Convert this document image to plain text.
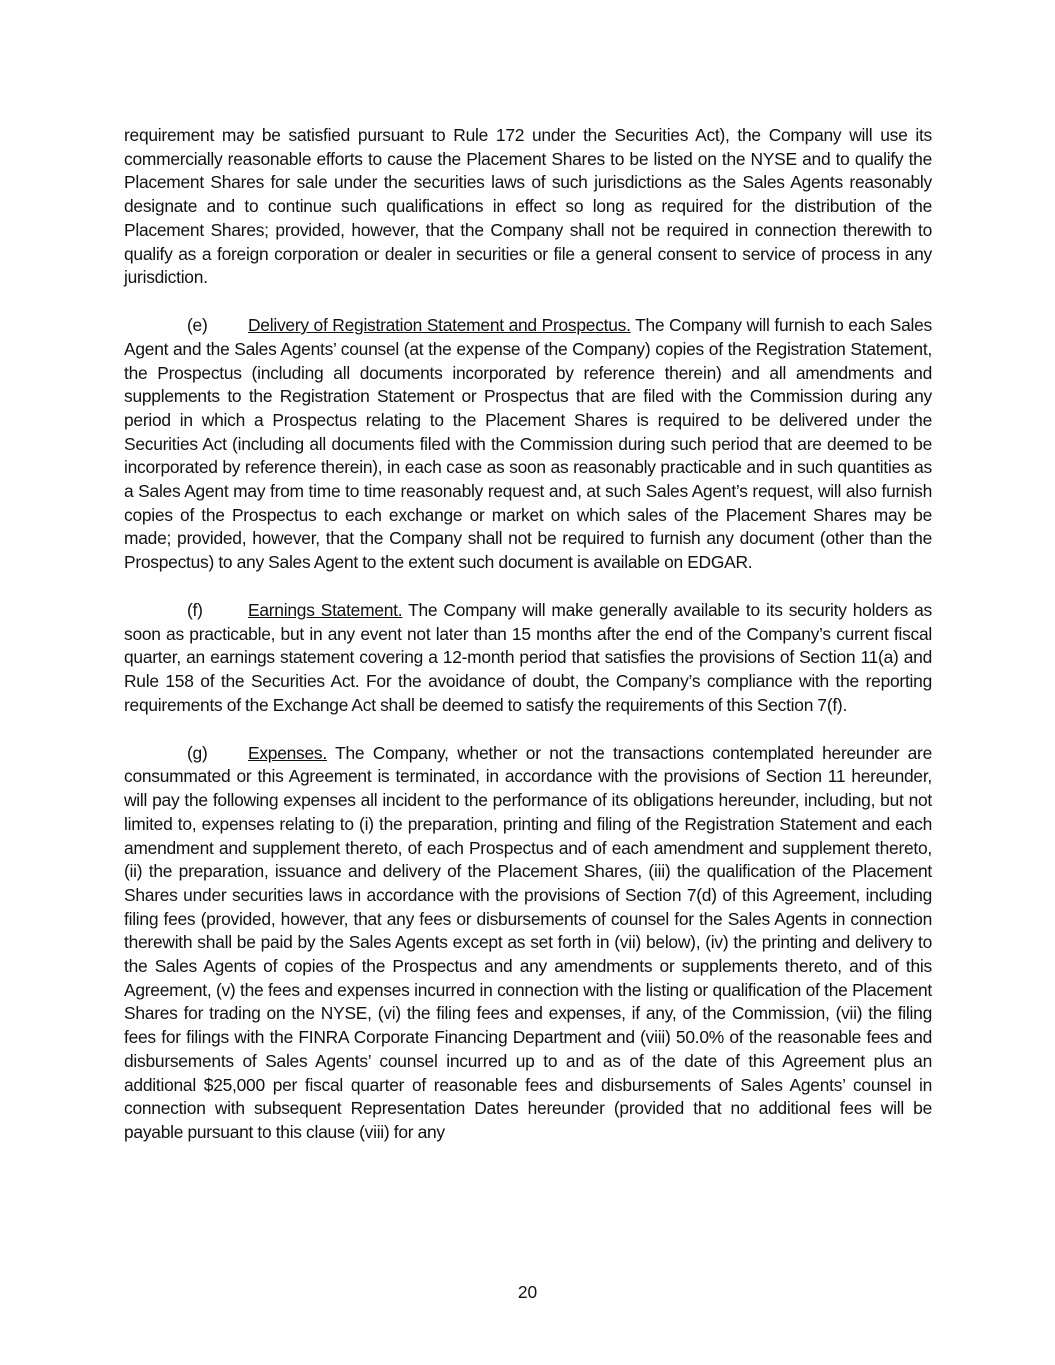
requirement may be satisfied pursuant to Rule 172 under the Securities Act), the Company will use its commercially reasonable efforts to cause the Placement Shares to be listed on the NYSE and to qualify the Placement Shares for sale under the securities laws of such jurisdictions as the Sales Agents reasonably designate and to continue such qualifications in effect so long as required for the distribution of the Placement Shares; provided, however, that the Company shall not be required in connection therewith to qualify as a foreign corporation or dealer in securities or file a general consent to service of process in any jurisdiction.

(e) Delivery of Registration Statement and Prospectus. The Company will furnish to each Sales Agent and the Sales Agents’ counsel (at the expense of the Company) copies of the Registration Statement, the Prospectus (including all documents incorporated by reference therein) and all amendments and supplements to the Registration Statement or Prospectus that are filed with the Commission during any period in which a Prospectus relating to the Placement Shares is required to be delivered under the Securities Act (including all documents filed with the Commission during such period that are deemed to be incorporated by reference therein), in each case as soon as reasonably practicable and in such quantities as a Sales Agent may from time to time reasonably request and, at such Sales Agent’s request, will also furnish copies of the Prospectus to each exchange or market on which sales of the Placement Shares may be made; provided, however, that the Company shall not be required to furnish any document (other than the Prospectus) to any Sales Agent to the extent such document is available on EDGAR.

(f)	Earnings Statement. The Company will make generally available to its security holders as soon as practicable, but in any event not later than 15 months after the end of the Company’s current fiscal quarter, an earnings statement covering a 12-month period that satisfies the provisions of Section 11(a) and Rule 158 of the Securities Act. For the avoidance of doubt, the Company’s compliance with the reporting requirements of the Exchange Act shall be deemed to satisfy the requirements of this Section 7(f).

(g) Expenses. The Company, whether or not the transactions contemplated hereunder are consummated or this Agreement is terminated, in accordance with the provisions of Section 11 hereunder, will pay the following expenses all incident to the performance of its obligations hereunder, including, but not limited to, expenses relating to (i) the preparation, printing and filing of the Registration Statement and each amendment and supplement thereto, of each Prospectus and of each amendment and supplement thereto, (ii) the preparation, issuance and delivery of the Placement Shares, (iii) the qualification of the Placement Shares under securities laws in accordance with the provisions of Section 7(d) of this Agreement, including filing fees (provided, however, that any fees or disbursements of counsel for the Sales Agents in connection therewith shall be paid by the Sales Agents except as set forth in (vii) below), (iv) the printing and delivery to the Sales Agents of copies of the Prospectus and any amendments or supplements thereto, and of this Agreement, (v) the fees and expenses incurred in connection with the listing or qualification of the Placement Shares for trading on the NYSE, (vi) the filing fees and expenses, if any, of the Commission, (vii) the filing fees for filings with the FINRA Corporate Financing Department and (viii) 50.0% of the reasonable fees and disbursements of Sales Agents’ counsel incurred up to and as of the date of this Agreement plus an additional $25,000 per fiscal quarter of reasonable fees and disbursements of Sales Agents’ counsel in connection with subsequent Representation Dates hereunder (provided that no additional fees will be payable pursuant to this clause (viii) for any

20
